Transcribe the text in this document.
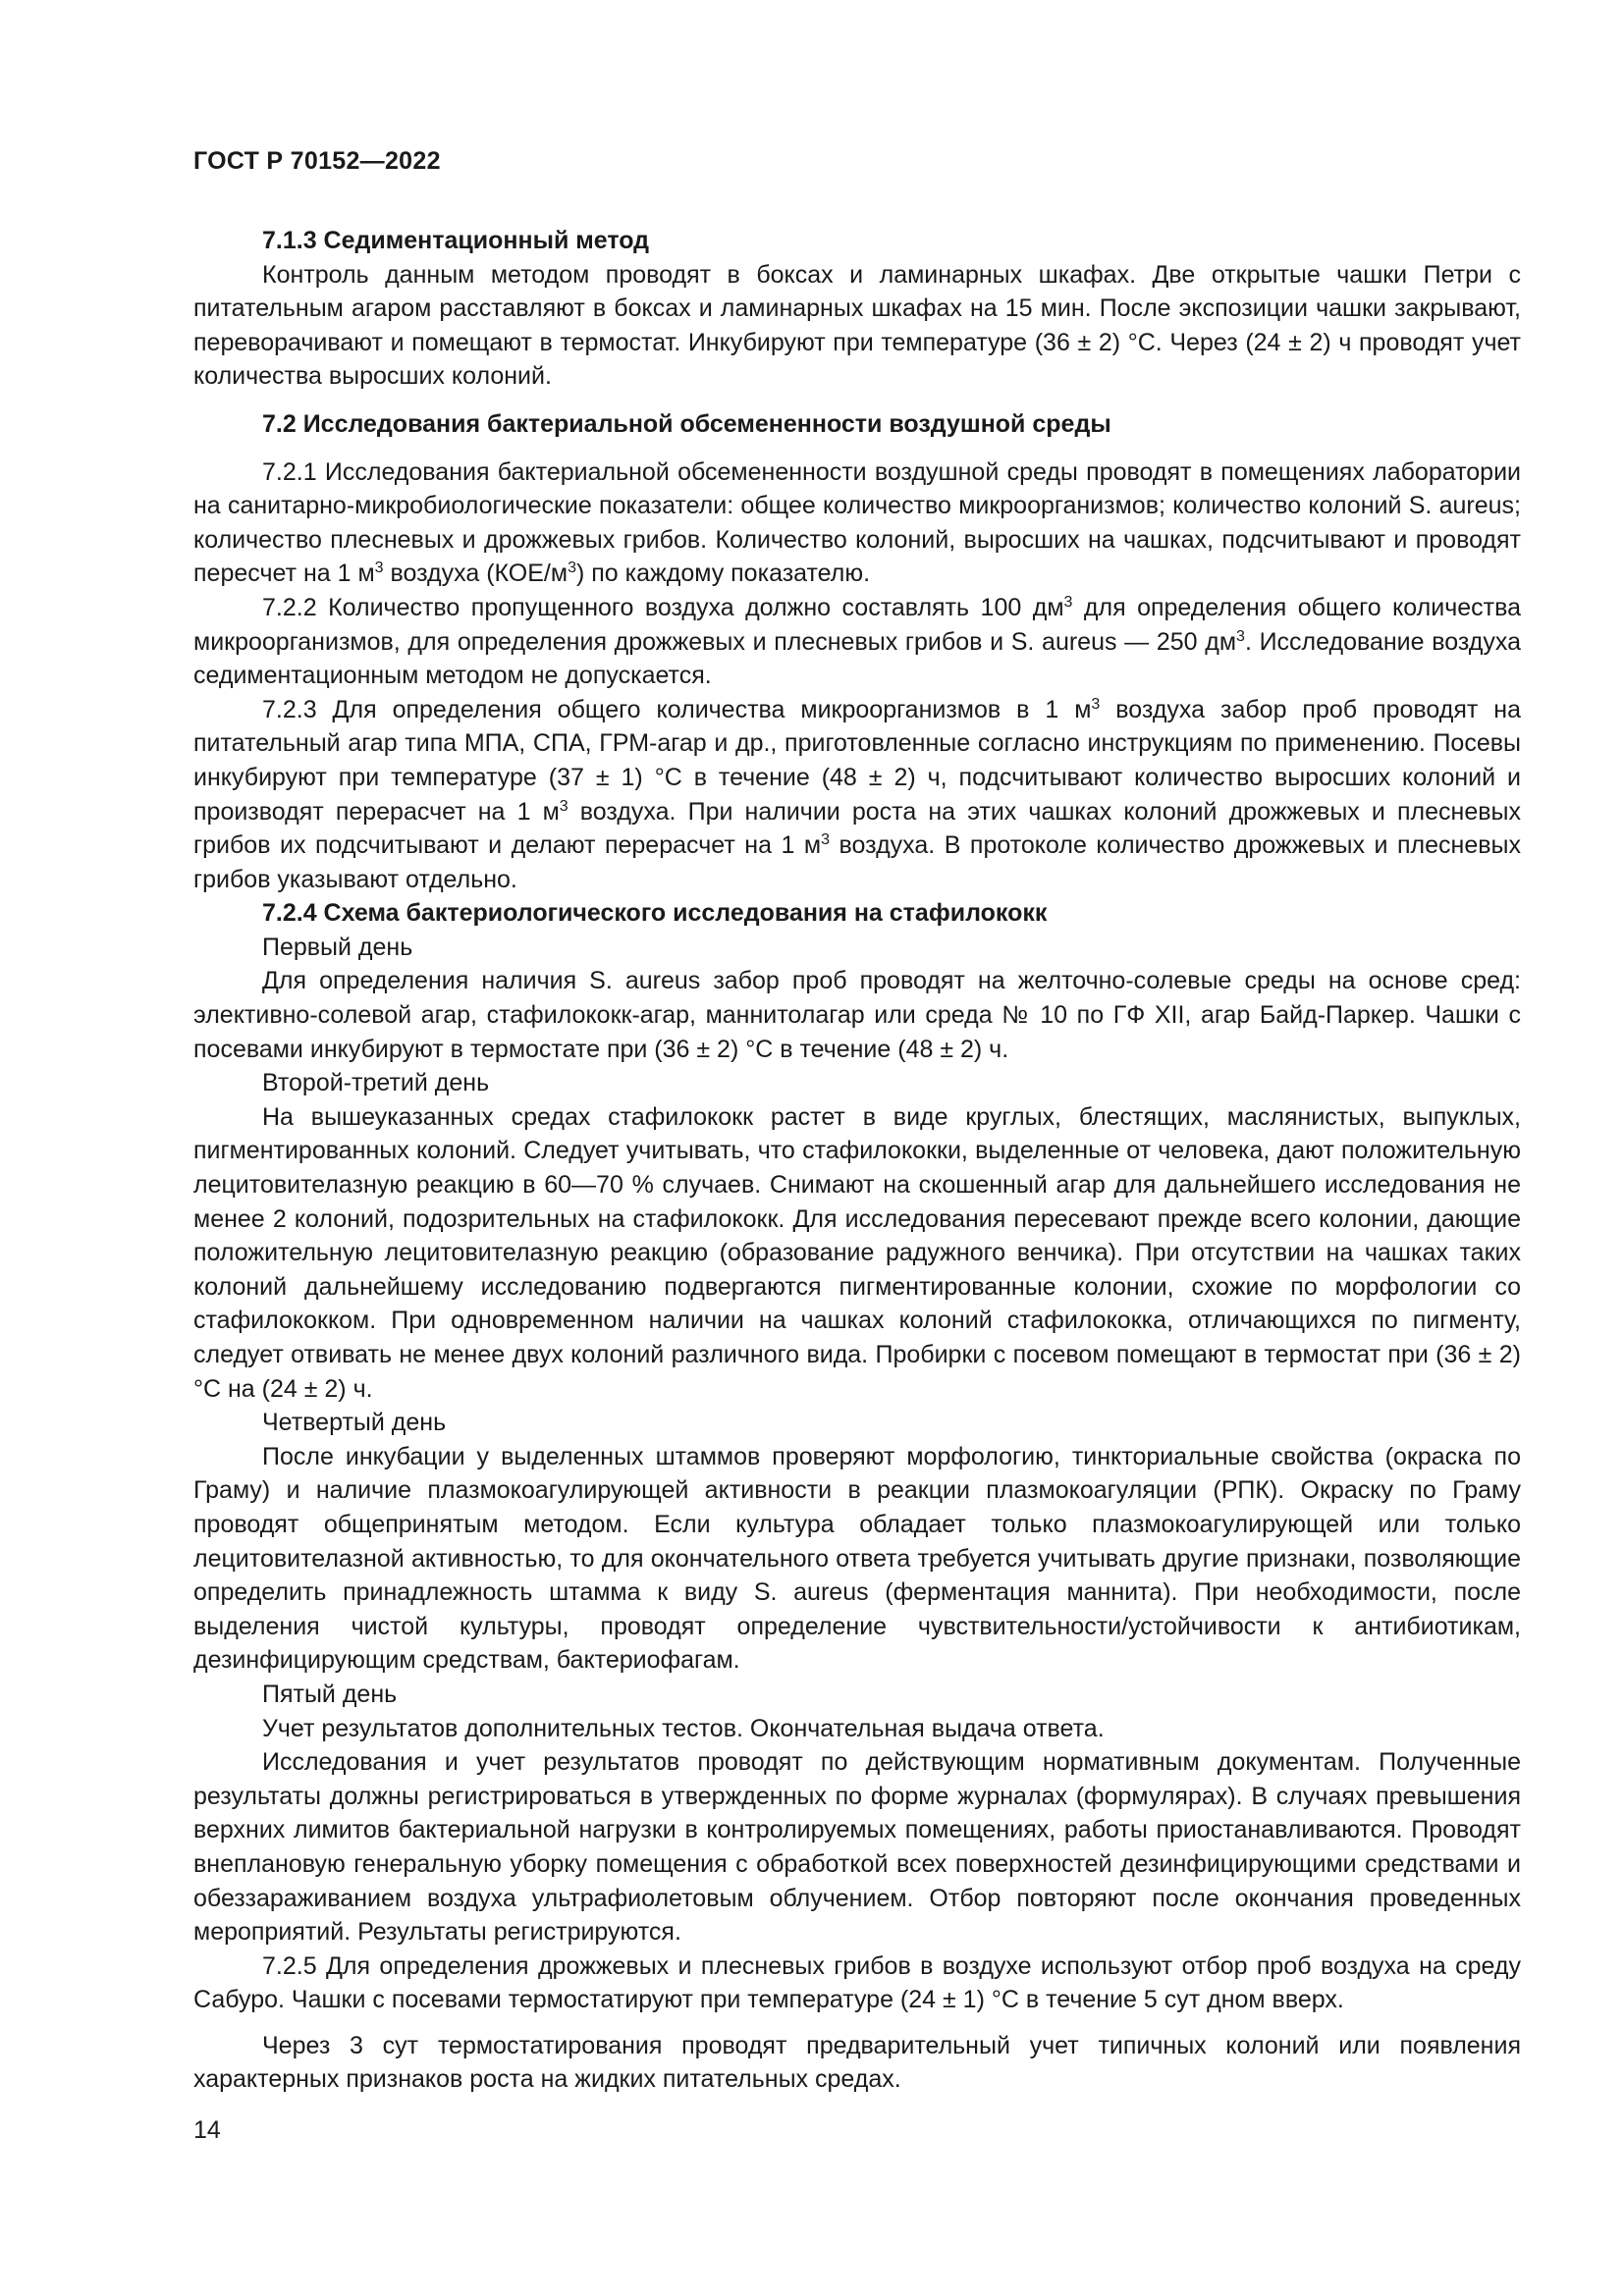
ГОСТ Р 70152—2022

7.1.3 Седиментационный метод

Контроль данным методом проводят в боксах и ламинарных шкафах. Две открытые чашки Петри с питательным агаром расставляют в боксах и ламинарных шкафах на 15 мин. После экспозиции чашки закрывают, переворачивают и помещают в термостат. Инкубируют при температуре (36 ± 2) °С. Через (24 ± 2) ч проводят учет количества выросших колоний.

7.2 Исследования бактериальной обсемененности воздушной среды

7.2.1 Исследования бактериальной обсемененности воздушной среды проводят в помещениях лаборатории на санитарно-микробиологические показатели: общее количество микроорганизмов; количество колоний S. aureus; количество плесневых и дрожжевых грибов. Количество колоний, выросших на чашках, подсчитывают и проводят пересчет на 1 $м^3$ воздуха $(КОЕ/м^3)$ по каждому показателю.

7.2.2 Количество пропущенного воздуха должно составлять 100 $дм^3$ для определения общего количества микроорганизмов, для определения дрожжевых и плесневых грибов и S. aureus — 250 $дм^3$. Исследование воздуха седиментационным методом не допускается.

7.2.3 Для определения общего количества микроорганизмов в 1 $м^3$ воздуха забор проб проводят на питательный агар типа МПА, СПА, ГРМ-агар и др., приготовленные согласно инструкциям по применению. Посевы инкубируют при температуре (37 ± 1) °С в течение (48 ± 2) ч, подсчитывают количество выросших колоний и производят перерасчет на 1 $м^3$ воздуха. При наличии роста на этих чашках колоний дрожжевых и плесневых грибов их подсчитывают и делают перерасчет на 1 $м^3$ воздуха. В протоколе количество дрожжевых и плесневых грибов указывают отдельно.

7.2.4 Схема бактериологического исследования на стафилококк

Первый день

Для определения наличия S. aureus забор проб проводят на желточно-солевые среды на основе сред: элективно-солевой агар, стафилококк-агар, маннитолагар или среда № 10 по ГФ XII, агар Байд-Паркер. Чашки с посевами инкубируют в термостате при (36 ± 2) °С в течение (48 ± 2) ч.

Второй-третий день

На вышеуказанных средах стафилококк растет в виде круглых, блестящих, маслянистых, выпуклых, пигментированных колоний. Следует учитывать, что стафилококки, выделенные от человека, дают положительную лецитовителазную реакцию в 60—70 % случаев. Снимают на скошенный агар для дальнейшего исследования не менее 2 колоний, подозрительных на стафилококк. Для исследования пересевают прежде всего колонии, дающие положительную лецитовителазную реакцию (образование радужного венчика). При отсутствии на чашках таких колоний дальнейшему исследованию подвергаются пигментированные колонии, схожие по морфологии со стафилококком. При одновременном наличии на чашках колоний стафилококка, отличающихся по пигменту, следует отвивать не менее двух колоний различного вида. Пробирки с посевом помещают в термостат при (36 ± 2) °С на (24 ± 2) ч.

Четвертый день

После инкубации у выделенных штаммов проверяют морфологию, тинкториальные свойства (окраска по Граму) и наличие плазмокоагулирующей активности в реакции плазмокоагуляции (РПК). Окраску по Граму проводят общепринятым методом. Если культура обладает только плазмокоагулирующей или только лецитовителазной активностью, то для окончательного ответа требуется учитывать другие признаки, позволяющие определить принадлежность штамма к виду S. aureus (ферментация маннита). При необходимости, после выделения чистой культуры, проводят определение чувствительности/устойчивости к антибиотикам, дезинфицирующим средствам, бактериофагам.

Пятый день

Учет результатов дополнительных тестов. Окончательная выдача ответа.

Исследования и учет результатов проводят по действующим нормативным документам. Полученные результаты должны регистрироваться в утвержденных по форме журналах (формулярах). В случаях превышения верхних лимитов бактериальной нагрузки в контролируемых помещениях, работы приостанавливаются. Проводят внеплановую генеральную уборку помещения с обработкой всех поверхностей дезинфицирующими средствами и обеззараживанием воздуха ультрафиолетовым облучением. Отбор повторяют после окончания проведенных мероприятий. Результаты регистрируются.

7.2.5 Для определения дрожжевых и плесневых грибов в воздухе используют отбор проб воздуха на среду Сабуро. Чашки с посевами термостатируют при температуре (24 ± 1) °С в течение 5 сут дном вверх.

Через 3 сут термостатирования проводят предварительный учет типичных колоний или появления характерных признаков роста на жидких питательных средах.

14
